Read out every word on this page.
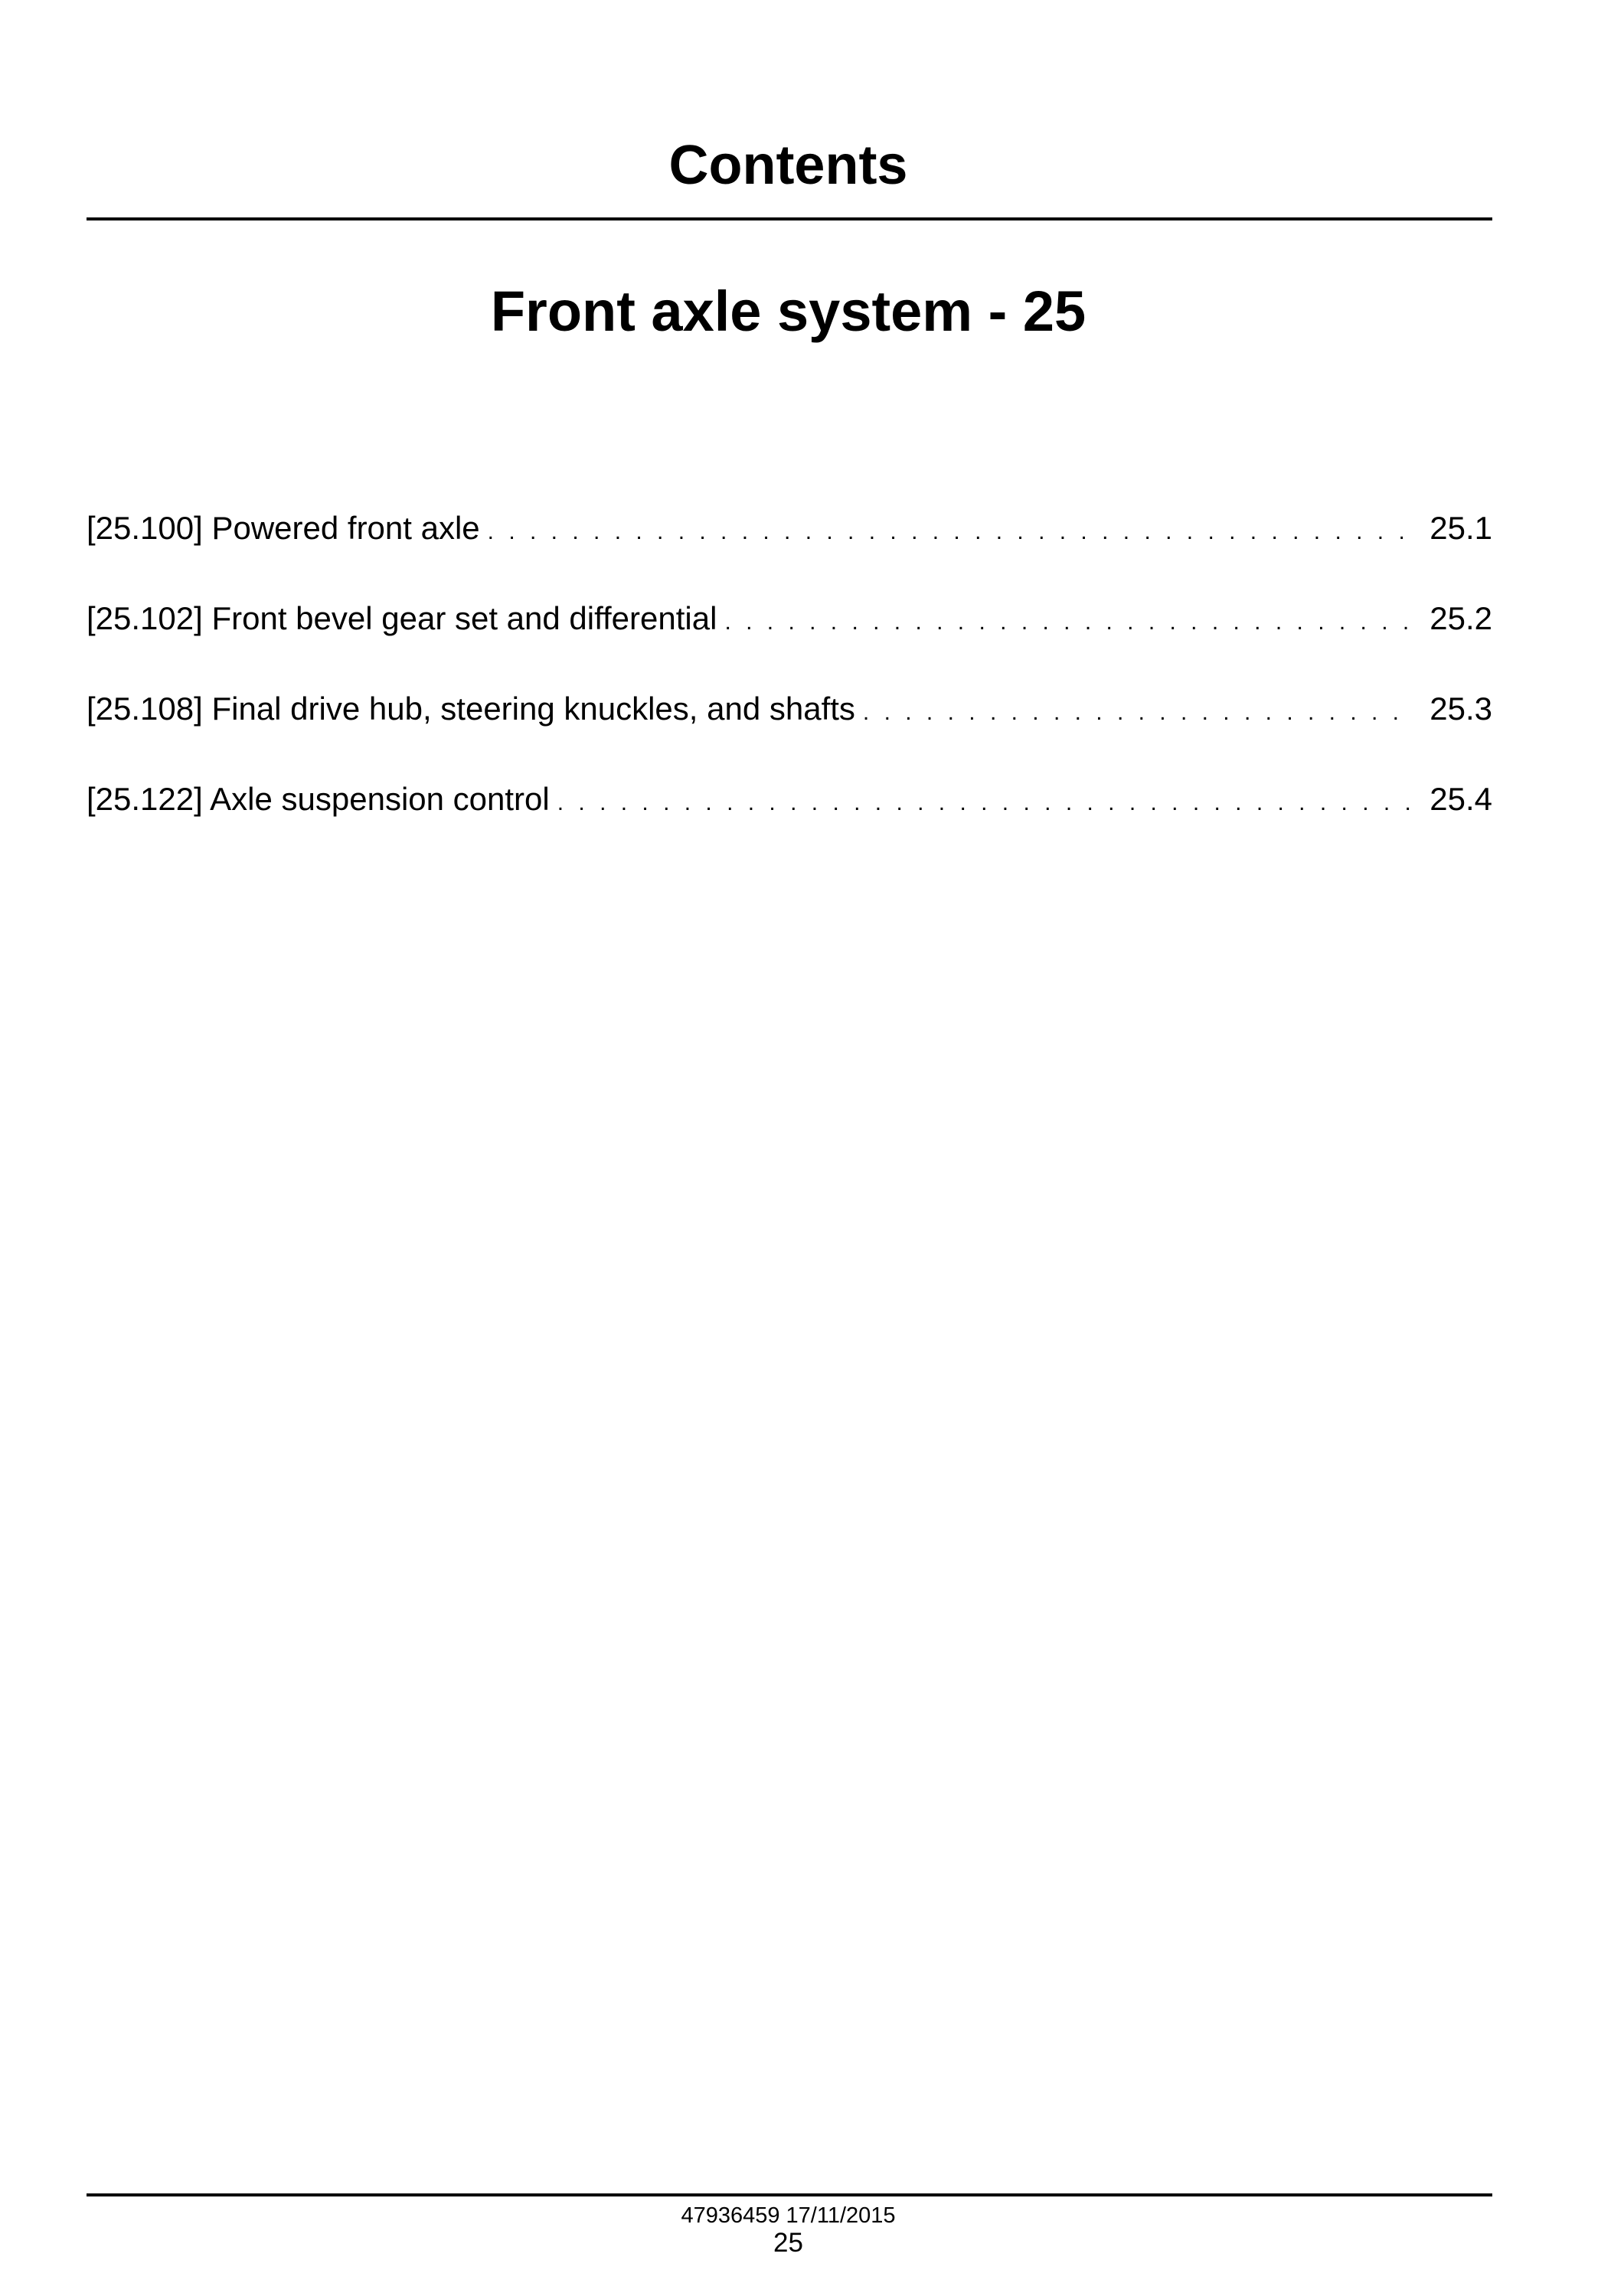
Contents
Front axle system - 25
[25.100] Powered front axle . . .	25.1
[25.102] Front bevel gear set and differential . . .	25.2
[25.108] Final drive hub, steering knuckles, and shafts . . .	25.3
[25.122] Axle suspension control . . .	25.4

47936459 17/11/2015

25
